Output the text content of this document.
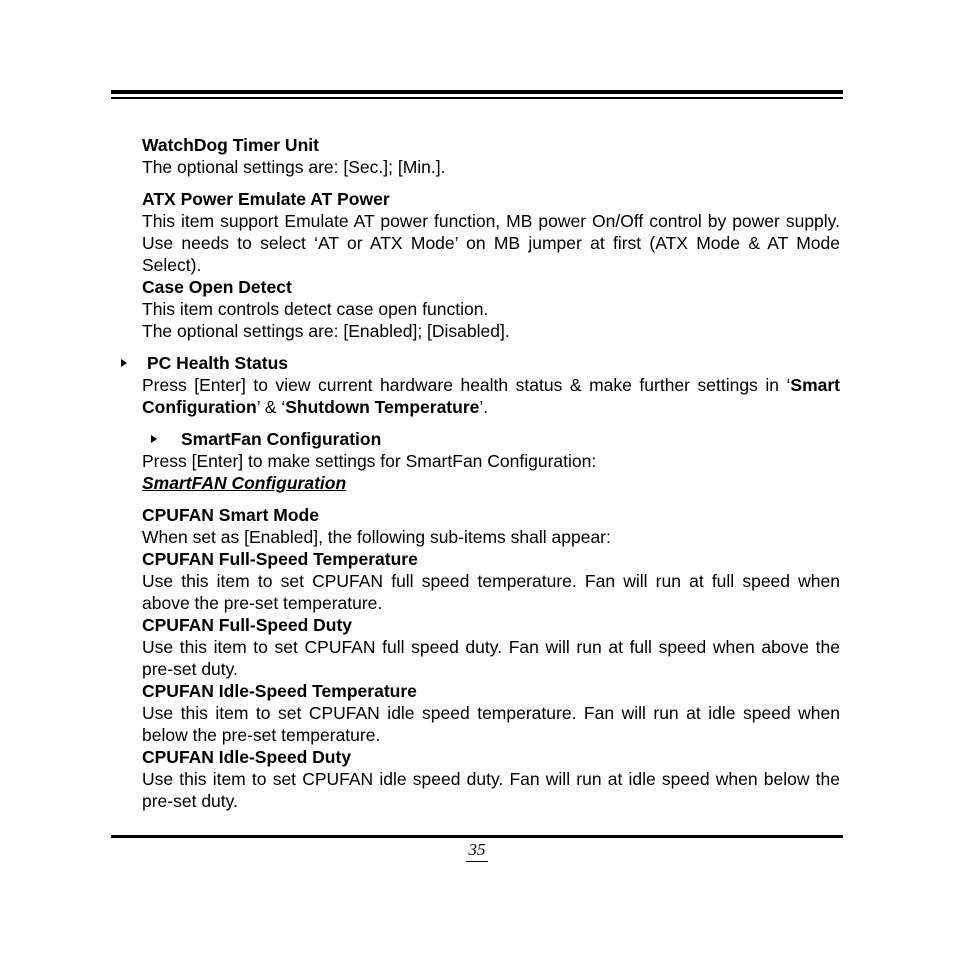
WatchDog Timer Unit
The optional settings are: [Sec.]; [Min.].
ATX Power Emulate AT Power
This item support Emulate AT power function, MB power On/Off control by power supply. Use needs to select ‘AT or ATX Mode’ on MB jumper at first (ATX Mode & AT Mode Select).
Case Open Detect
This item controls detect case open function.
The optional settings are: [Enabled]; [Disabled].
PC Health Status
Press [Enter] to view current hardware health status & make further settings in ‘Smart Configuration’ & ‘Shutdown Temperature’.
SmartFan Configuration
Press [Enter] to make settings for SmartFan Configuration:
SmartFAN Configuration
CPUFAN Smart Mode
When set as [Enabled], the following sub-items shall appear:
CPUFAN Full-Speed Temperature
Use this item to set CPUFAN full speed temperature. Fan will run at full speed when above the pre-set temperature.
CPUFAN Full-Speed Duty
Use this item to set CPUFAN full speed duty. Fan will run at full speed when above the pre-set duty.
CPUFAN Idle-Speed Temperature
Use this item to set CPUFAN idle speed temperature. Fan will run at idle speed when below the pre-set temperature.
CPUFAN Idle-Speed Duty
Use this item to set CPUFAN idle speed duty. Fan will run at idle speed when below the pre-set duty.
35
